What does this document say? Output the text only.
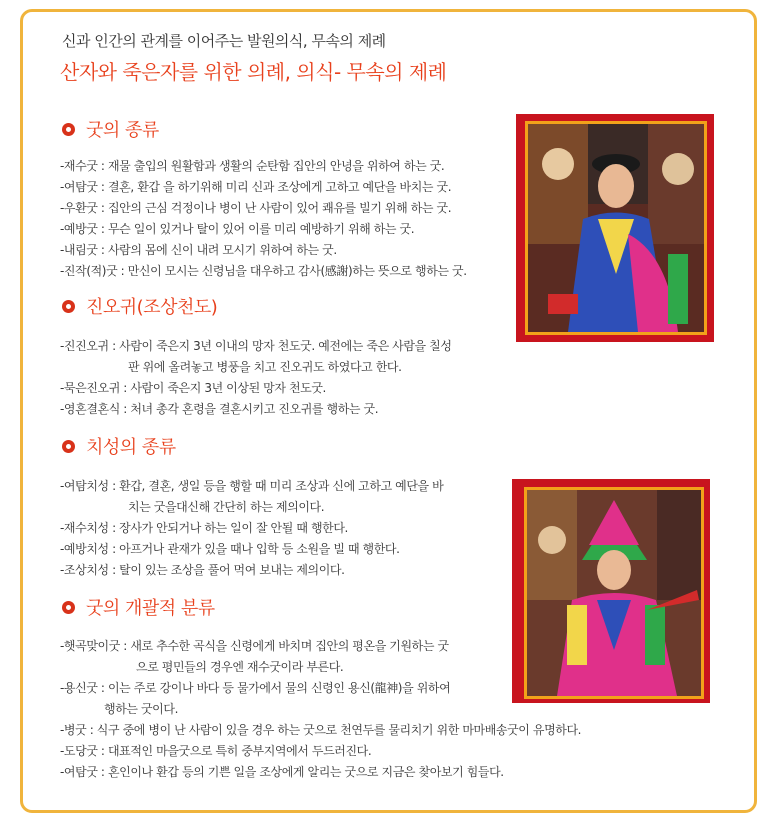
신과 인간의 관계를 이어주는 발원의식, 무속의 제례
산자와 죽은자를 위한 의례, 의식- 무속의 제례
굿의 종류
-재수굿 : 재물 출입의 원활함과 생활의 순탄함 집안의 안녕을 위하여 하는 굿.
-여탐굿 : 결혼, 환갑 을 하기위해 미리 신과 조상에게 고하고 예단을 바치는 굿.
-우환굿 : 집안의 근심 걱정이나 병이 난 사람이 있어 쾌유를 빌기 위해 하는 굿.
-예방굿 : 무슨 일이 있거나 탈이 있어 이를 미리 예방하기 위해 하는 굿.
-내림굿 : 사람의 몸에 신이 내려 모시기 위하여 하는 굿.
-진작(적)굿 : 만신이 모시는 신령님을 대우하고 감사(感謝)하는 뜻으로 행하는 굿.
진오귀(조상천도)
-진진오귀 : 사람이 죽은지 3년 이내의 망자 천도굿. 예전에는 죽은 사람을 칠성
판 위에 올려놓고 병풍을 치고 진오귀도 하였다고 한다.
-묵은진오귀 : 사람이 죽은지 3년 이상된 망자 천도굿.
-영혼결혼식 : 처녀 총각 혼령을 결혼시키고 진오귀를 행하는 굿.
치성의 종류
-여탐치성 : 환갑, 결혼, 생일 등을 행할 때 미리 조상과 신에 고하고 예단을 바
치는 굿을대신해 간단히 하는 제의이다.
-재수치성 : 장사가 안되거나 하는 일이 잘 안될 때 행한다.
-예방치성 : 아프거나 관재가 있을 때나 입학 등 소원을 빌 때 행한다.
-조상치성 : 탈이 있는 조상을 풀어 먹여 보내는 제의이다.
굿의 개괄적 분류
-햇곡맞이굿 : 새로 추수한 곡식을 신령에게 바치며 집안의 평온을 기원하는 굿
으로 평민들의 경우엔 재수굿이라 부른다.
-용신굿 : 이는 주로 강이나 바다 등 물가에서 물의 신령인 용신(龍神)을 위하여
행하는 굿이다.
-병굿 : 식구 중에 병이 난 사람이 있을 경우 하는 굿으로 천연두를 물리치기 위한 마마배송굿이 유명하다.
-도당굿 : 대표적인 마을굿으로 특히 중부지역에서 두드러진다.
-여탐굿 : 혼인이나 환갑 등의 기쁜 일을 조상에게 알리는 굿으로 지금은 찾아보기 힘들다.
